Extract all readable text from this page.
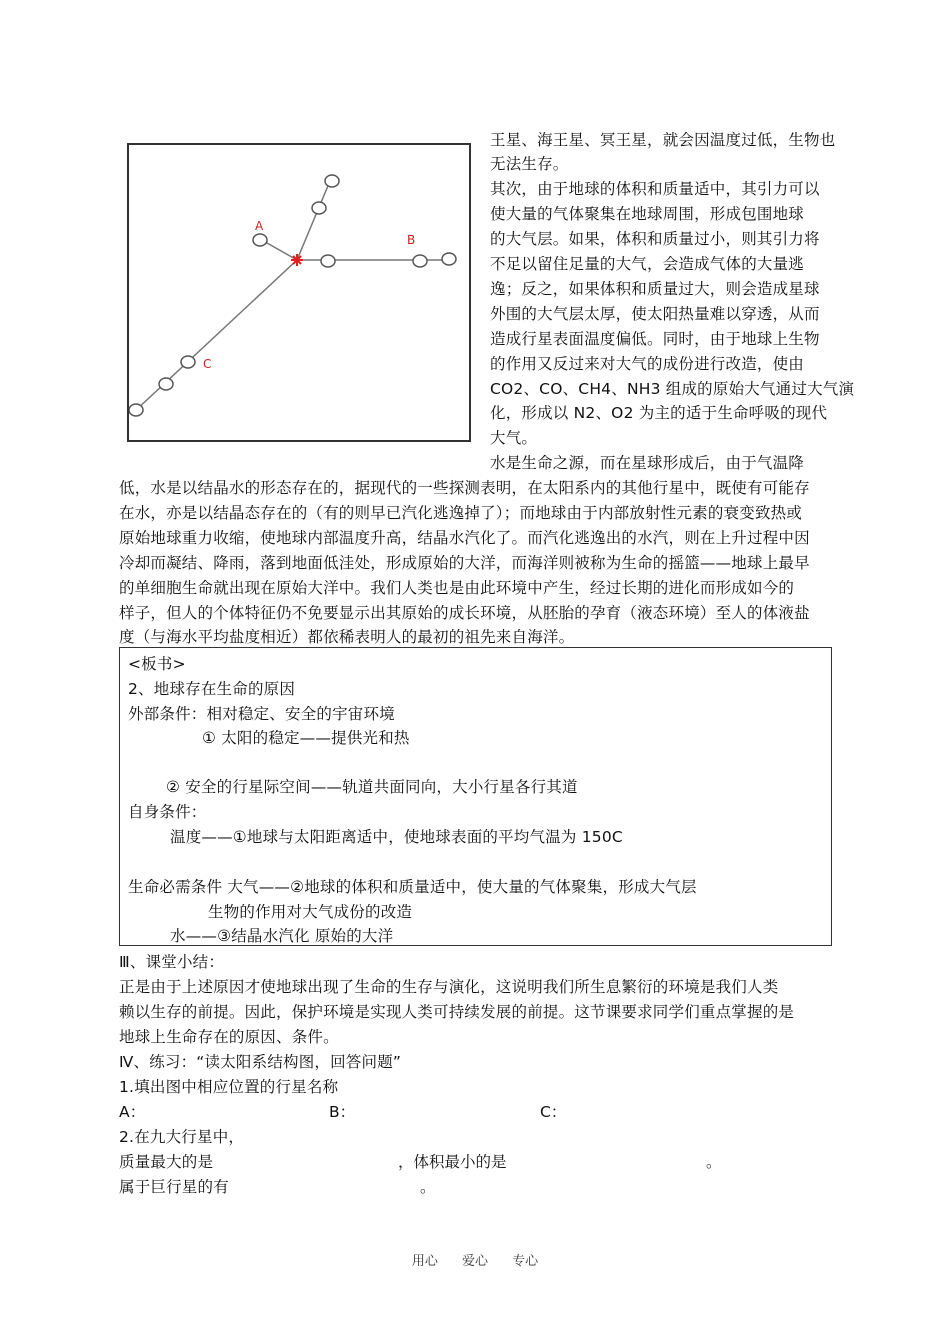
A
B
C
王星、海王星、冥王星，就会因温度过低，生物也
无法生存。
其次，由于地球的体积和质量适中，其引力可以
使大量的气体聚集在地球周围，形成包围地球
的大气层。如果，体积和质量过小，则其引力将
不足以留住足量的大气，会造成气体的大量逃
逸；反之，如果体积和质量过大，则会造成星球
外围的大气层太厚，使太阳热量难以穿透，从而
造成行星表面温度偏低。同时，由于地球上生物
的作用又反过来对大气的成份进行改造，使由
CO2、CO、CH4、NH3 组成的原始大气通过大气演
化，形成以 N2、O2 为主的适于生命呼吸的现代
大气。
水是生命之源，而在星球形成后，由于气温降
低，水是以结晶水的形态存在的，据现代的一些探测表明，在太阳系内的其他行星中，既使有可能存
在水，亦是以结晶态存在的（有的则早已汽化逃逸掉了）；而地球由于内部放射性元素的衰变致热或
原始地球重力收缩，使地球内部温度升高，结晶水汽化了。而汽化逃逸出的水汽，则在上升过程中因
冷却而凝结、降雨，落到地面低洼处，形成原始的大洋，而海洋则被称为生命的摇篮——地球上最早
的单细胞生命就出现在原始大洋中。我们人类也是由此环境中产生，经过长期的进化而形成如今的
样子，但人的个体特征仍不免要显示出其原始的成长环境，从胚胎的孕育（液态环境）至人的体液盐
度（与海水平均盐度相近）都依稀表明人的最初的祖先来自海洋。
<板书>
2、地球存在生命的原因
外部条件：相对稳定、安全的宇宙环境
① 太阳的稳定——提供光和热
② 安全的行星际空间——轨道共面同向，大小行星各行其道
自身条件：
温度——①地球与太阳距离适中，使地球表面的平均气温为 150C
生命必需条件 大气——②地球的体积和质量适中，使大量的气体聚集，形成大气层
生物的作用对大气成份的改造
水——③结晶水汽化 原始的大洋
Ⅲ、课堂小结：
正是由于上述原因才使地球出现了生命的生存与演化，这说明我们所生息繁衍的环境是我们人类
赖以生存的前提。因此，保护环境是实现人类可持续发展的前提。这节课要求同学们重点掌握的是
地球上生命存在的原因、条件。
Ⅳ、练习：“读太阳系结构图，回答问题”
1.填出图中相应位置的行星名称
A：	B：	C：
2.在九大行星中，
质量最大的是	，体积最小的是	。
属于巨行星的有	。
用心 爱心 专心
